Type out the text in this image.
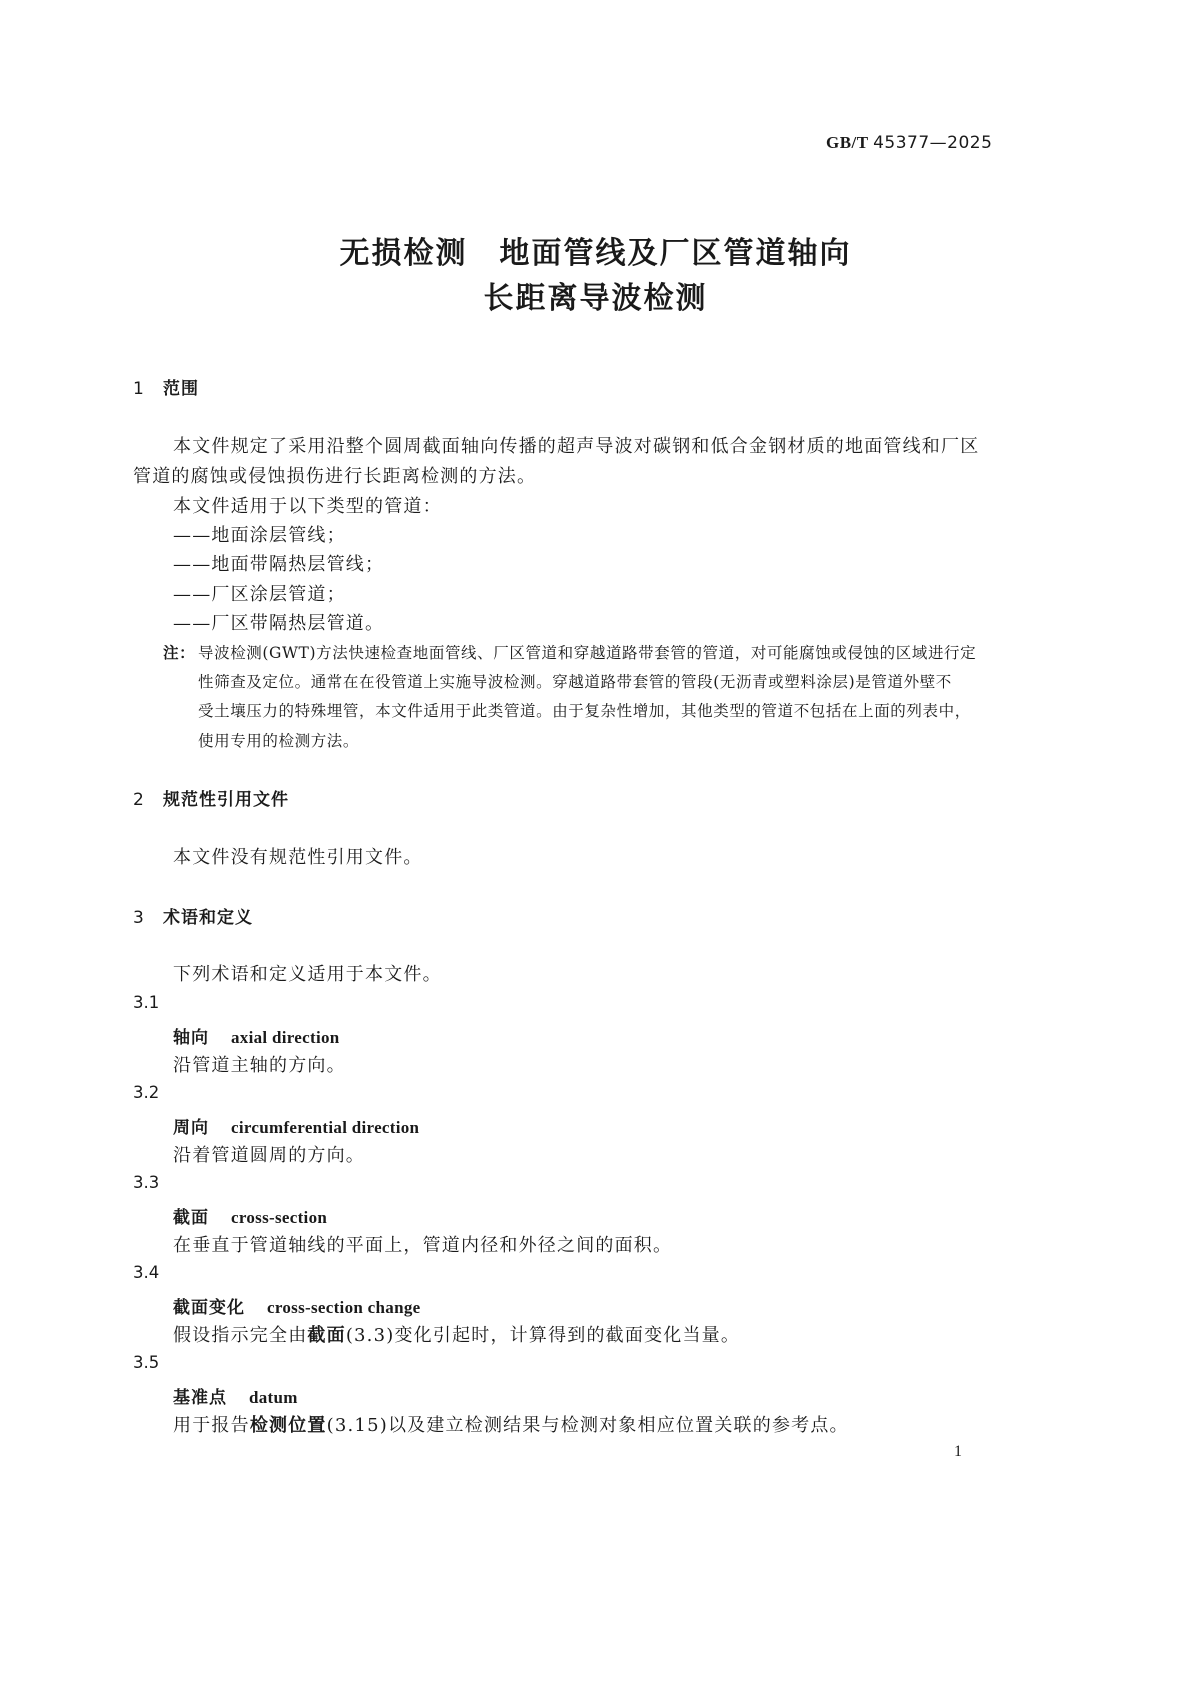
GB/T 45377—2025
无损检测　地面管线及厂区管道轴向
长距离导波检测
1 范围
本文件规定了采用沿整个圆周截面轴向传播的超声导波对碳钢和低合金钢材质的地面管线和厂区
管道的腐蚀或侵蚀损伤进行长距离检测的方法。
本文件适用于以下类型的管道：
——地面涂层管线；
——地面带隔热层管线；
——厂区涂层管道；
——厂区带隔热层管道。
注： 导波检测(GWT)方法快速检查地面管线、厂区管道和穿越道路带套管的管道，对可能腐蚀或侵蚀的区域进行定
性筛查及定位。通常在在役管道上实施导波检测。穿越道路带套管的管段(无沥青或塑料涂层)是管道外壁不
受土壤压力的特殊埋管，本文件适用于此类管道。由于复杂性增加，其他类型的管道不包括在上面的列表中，
使用专用的检测方法。
2 规范性引用文件
本文件没有规范性引用文件。
3 术语和定义
下列术语和定义适用于本文件。
3.1
轴向 axial direction
沿管道主轴的方向。
3.2
周向 circumferential direction
沿着管道圆周的方向。
3.3
截面 cross-section
在垂直于管道轴线的平面上，管道内径和外径之间的面积。
3.4
截面变化 cross-section change
假设指示完全由截面(3.3)变化引起时，计算得到的截面变化当量。
3.5
基准点 datum
用于报告检测位置(3.15)以及建立检测结果与检测对象相应位置关联的参考点。
1
